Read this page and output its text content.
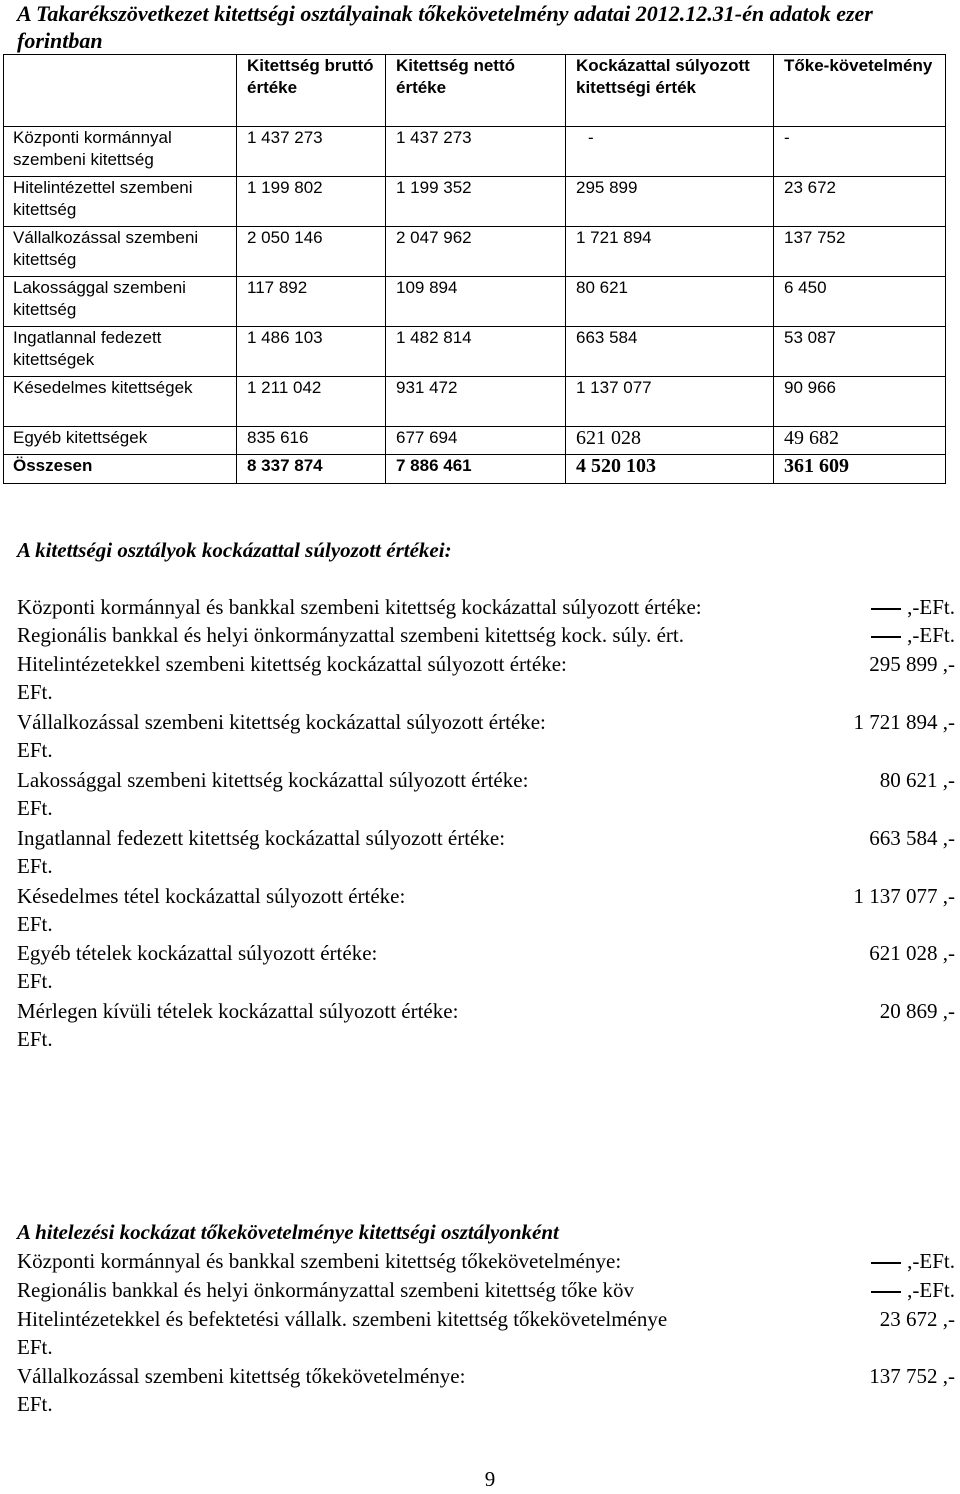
A Takarékszövetkezet kitettségi osztályainak tőkekövetelmény adatai 2012.12.31-én adatok ezer forintban
	Kitettség bruttó értéke	Kitettség nettó értéke	Kockázattal súlyozott kitettségi érték	Tőke-követelmény
Központi kormánnyal szembeni kitettség	1 437 273	1 437 273	-	-
Hitelintézettel szembeni kitettség	1 199 802	1 199 352	295 899	23 672
Vállalkozással szembeni kitettség	2 050 146	2 047 962	1 721 894	137 752
Lakossággal szembeni kitettség	117 892	109 894	80 621	6 450
Ingatlannal fedezett kitettségek	1 486 103	1 482 814	663 584	53 087
Késedelmes kitettségek	1 211 042	931 472	1 137 077	90 966
Egyéb kitettségek	835 616	677 694	621 028	49 682
Összesen	8 337 874	7 886 461	4 520 103	361 609
A kitettségi osztályok kockázattal súlyozott értékei:
Központi kormánnyal és bankkal szembeni kitettség kockázattal súlyozott értéke:	,-EFt.
Regionális bankkal és helyi önkormányzattal szembeni kitettség kock. súly. ért.	,-EFt.
Hitelintézetekkel szembeni kitettség kockázattal súlyozott értéke:	295 899 ,-
EFt.
Vállalkozással szembeni kitettség kockázattal súlyozott értéke:	1 721 894 ,-
EFt.
Lakossággal szembeni kitettség kockázattal súlyozott értéke:	80 621 ,-
EFt.
Ingatlannal fedezett kitettség kockázattal súlyozott értéke:	663 584 ,-
EFt.
Késedelmes tétel kockázattal súlyozott értéke:	1 137 077 ,-
EFt.
Egyéb tételek kockázattal súlyozott értéke:	621 028 ,-
EFt.
Mérlegen kívüli tételek kockázattal súlyozott értéke:	20 869 ,-
EFt.
A hitelezési kockázat tőkekövetelménye kitettségi osztályonként
Központi kormánnyal és bankkal szembeni kitettség tőkekövetelménye:	,-EFt.
Regionális bankkal és helyi önkormányzattal szembeni kitettség tőke köv	,-EFt.
Hitelintézetekkel és befektetési vállalk. szembeni kitettség tőkekövetelménye	23 672 ,-
EFt.
Vállalkozással szembeni kitettség tőkekövetelménye:	137 752 ,-
EFt.
9
